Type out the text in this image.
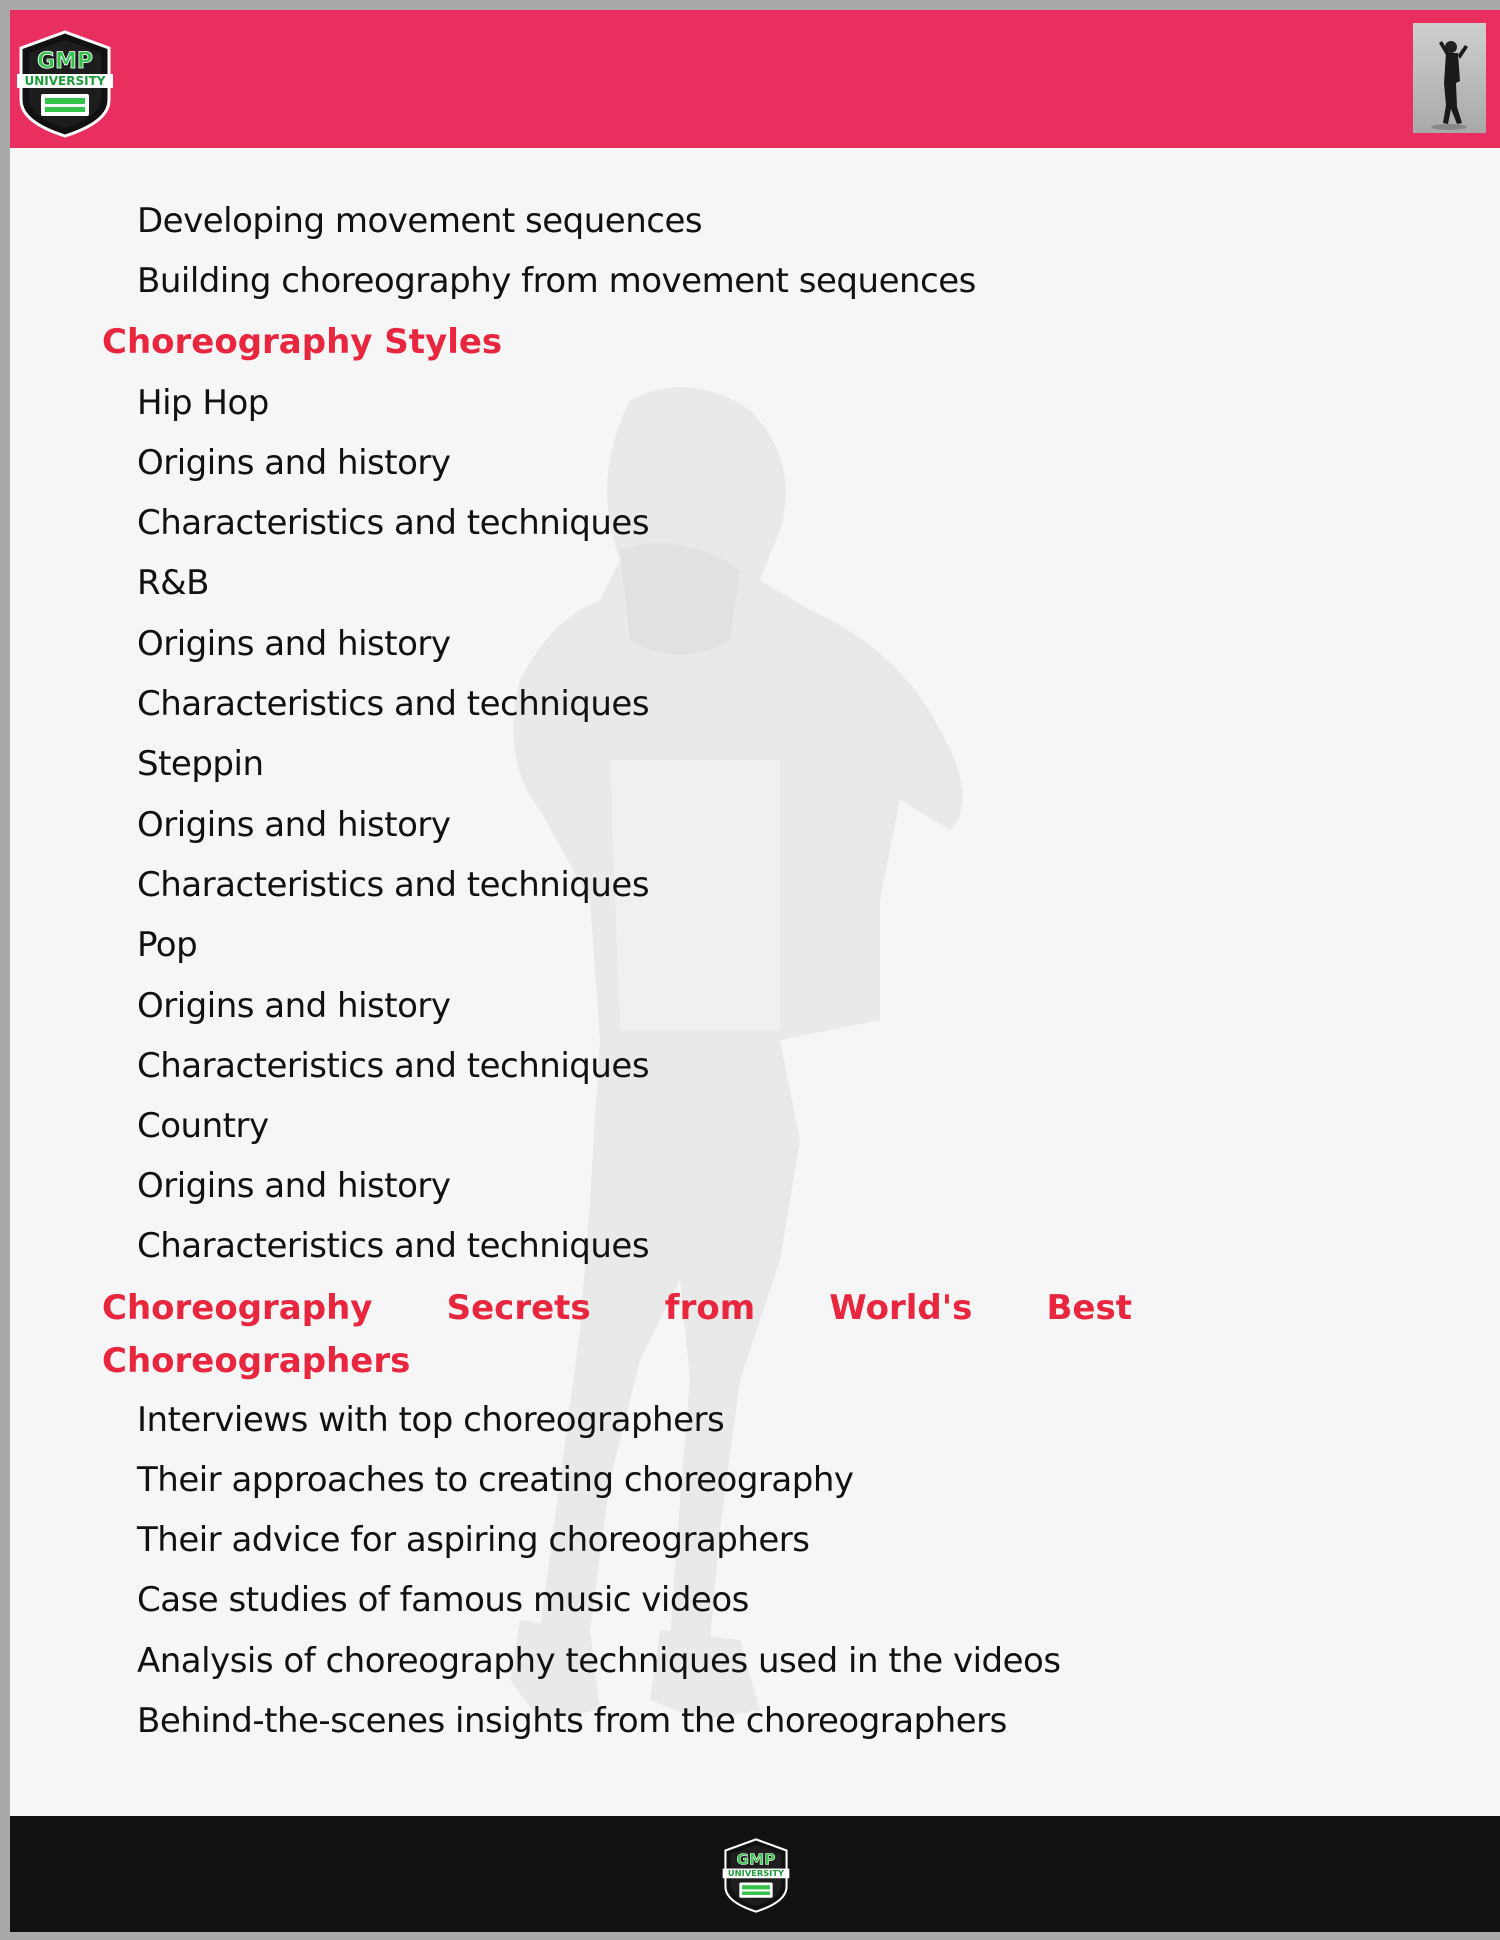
GMP
UNIVERSITY
Developing movement sequences
Building choreography from movement sequences
Choreography Styles
Hip Hop
Origins and history
Characteristics and techniques
R&B
Origins and history
Characteristics and techniques
Steppin
Origins and history
Characteristics and techniques
Pop
Origins and history
Characteristics and techniques
Country
Origins and history
Characteristics and techniques
Choreography Secrets from World's Best Choreographers
Interviews with top choreographers
Their approaches to creating choreography
Their advice for aspiring choreographers
Case studies of famous music videos
Analysis of choreography techniques used in the videos
Behind-the-scenes insights from the choreographers
GMP
UNIVERSITY
